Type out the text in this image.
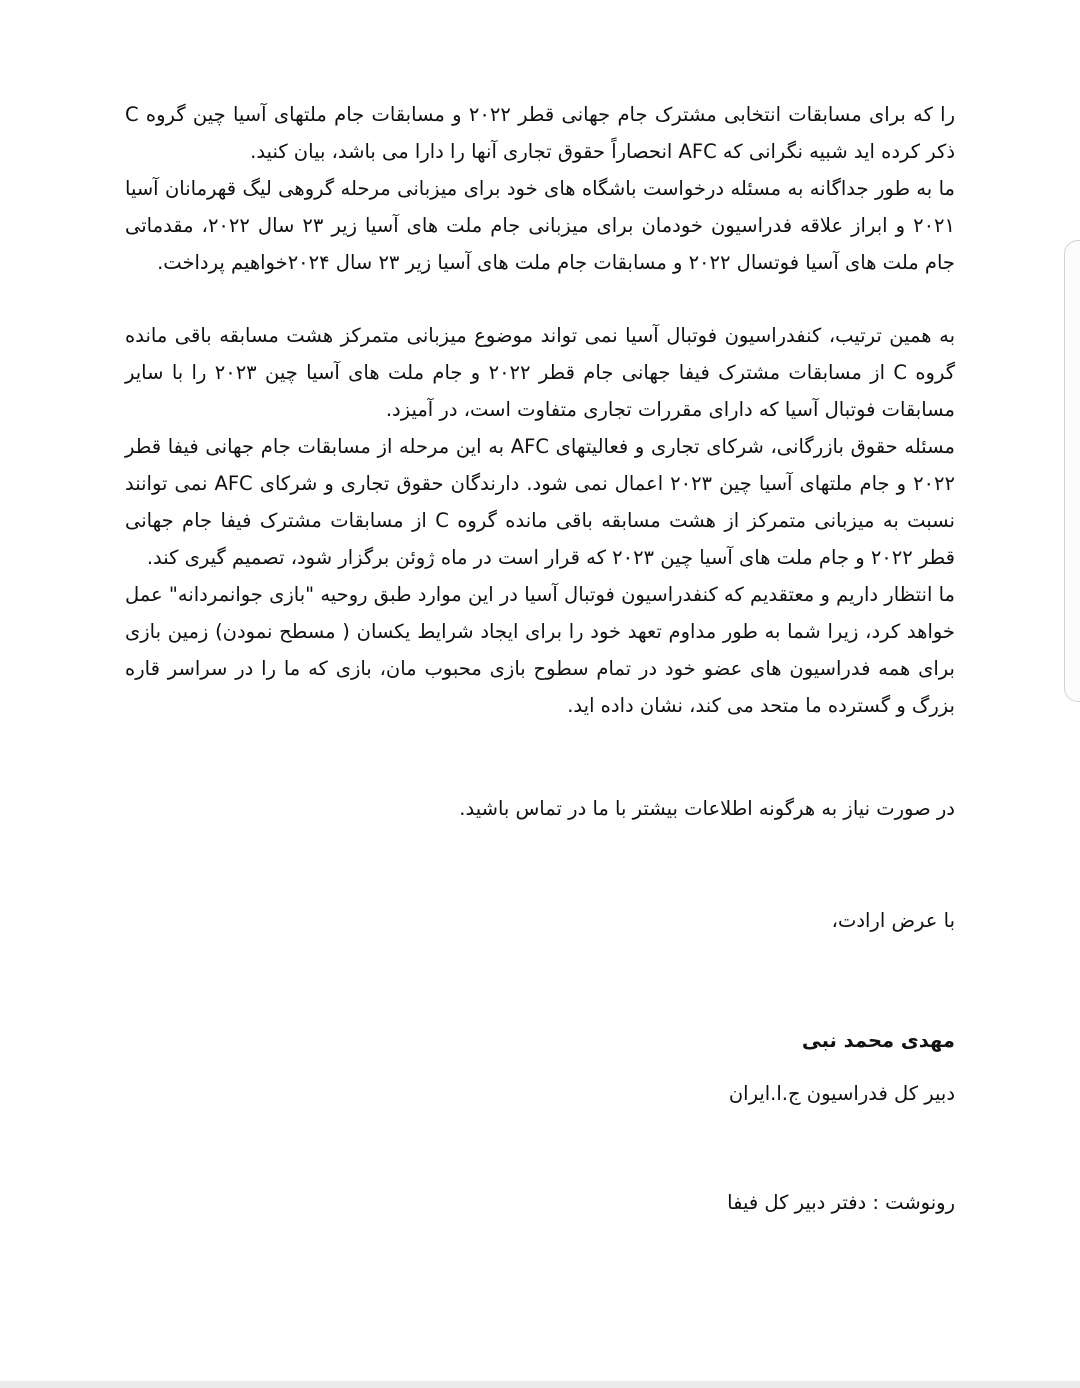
را که برای مسابقات انتخابی مشترک جام جهانی قطر ۲۰۲۲ و مسابقات جام ملتهای آسیا چین گروه C ذکر کرده اید شبیه نگرانی که AFC انحصاراً حقوق تجاری آنها را دارا می باشد، بیان کنید.

ما به طور جداگانه به مسئله درخواست باشگاه های خود برای میزبانی مرحله گروهی لیگ قهرمانان آسیا ۲۰۲۱ و ابراز علاقه فدراسیون خودمان برای میزبانی جام ملت های آسیا زیر ۲۳ سال ۲۰۲۲، مقدماتی جام ملت های آسیا فوتسال ۲۰۲۲ و مسابقات جام ملت های آسیا زیر ۲۳ سال ۲۰۲۴خواهیم پرداخت.

به همین ترتیب، کنفدراسیون فوتبال آسیا نمی تواند موضوع میزبانی متمرکز هشت مسابقه باقی مانده گروه C از مسابقات مشترک فیفا جهانی جام قطر ۲۰۲۲ و جام ملت های آسیا چین ۲۰۲۳ را با سایر مسابقات فوتبال آسیا که دارای مقررات تجاری متفاوت است، در آمیزد.

مسئله حقوق بازرگانی، شرکای تجاری و فعالیتهای AFC به این مرحله از مسابقات جام جهانی فیفا قطر ۲۰۲۲ و جام ملتهای آسیا چین ۲۰۲۳ اعمال نمی شود. دارندگان حقوق تجاری و شرکای AFC نمی توانند نسبت به میزبانی متمرکز از هشت مسابقه باقی مانده گروه C از مسابقات مشترک فیفا جام جهانی قطر ۲۰۲۲ و جام ملت های آسیا چین ۲۰۲۳ که قرار است در ماه ژوئن برگزار شود، تصمیم گیری کند.

ما انتظار داریم و معتقدیم که کنفدراسیون فوتبال آسیا در این موارد طبق روحیه "بازی جوانمردانه" عمل خواهد کرد، زیرا شما به طور مداوم تعهد خود را برای ایجاد شرایط یکسان ( مسطح نمودن) زمین بازی برای همه فدراسیون های عضو خود در تمام سطوح بازی محبوب مان، بازی که ما را در سراسر قاره بزرگ و گسترده ما متحد می کند، نشان داده اید.

در صورت نیاز به هرگونه اطلاعات بیشتر با ما در تماس باشید.

با عرض ارادت،

مهدی محمد نبی

دبیر کل فدراسیون ج.ا.ایران

رونوشت : دفتر دبیر کل فیفا
